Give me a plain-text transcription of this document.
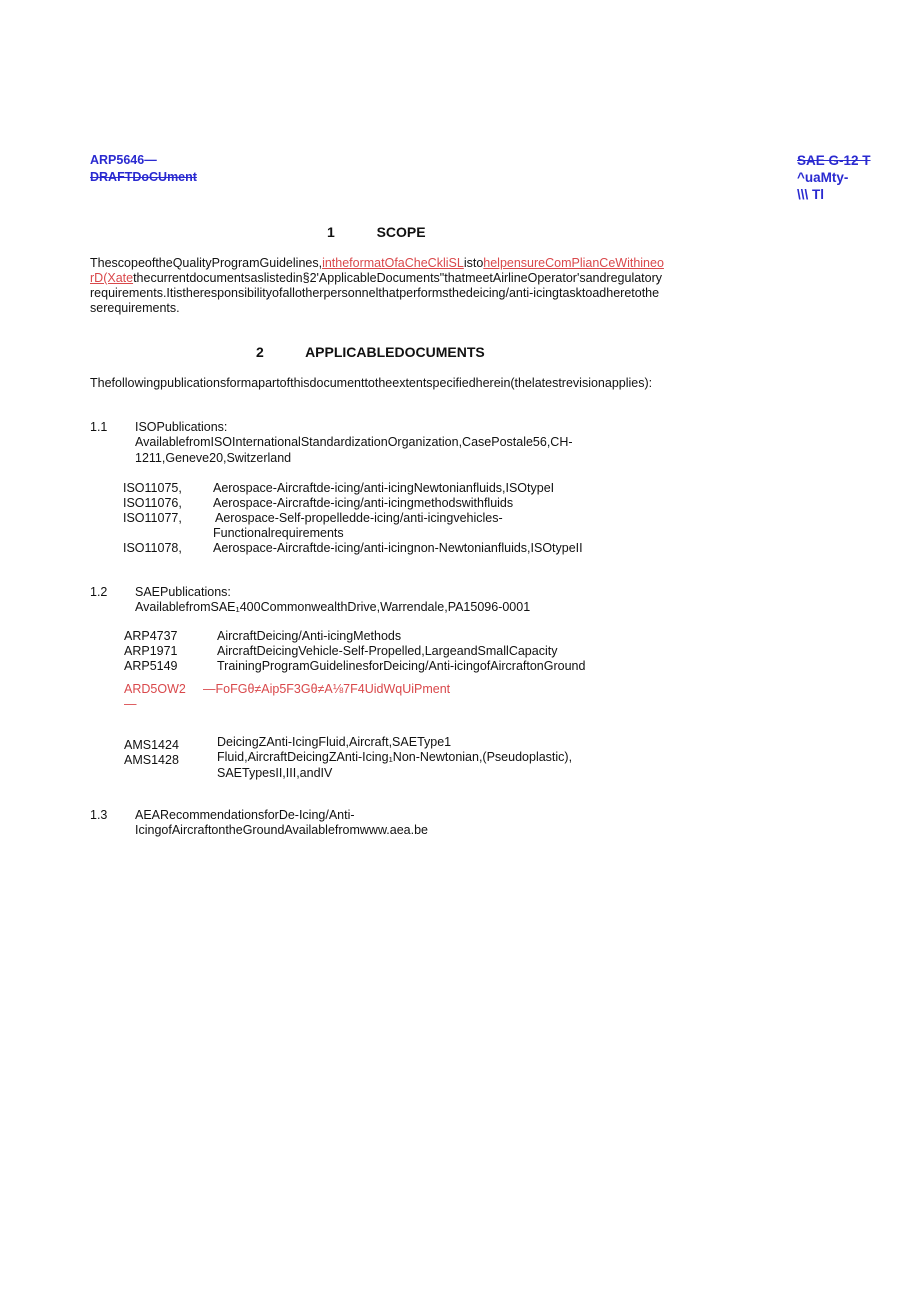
ARP5646—
DRAFTDoCUment
SAE G-12 T
^uaMty-
\\\ Tl
1	SCOPE
ThescopeoftheQualityProgramGuidelines,intheformatOfaCheCkliSListohelpensureComPlianCeWithineorD(Xatethecurrentdocumentsaslistedin§2'ApplicableDocuments"thatmeetAirlineOperator'sandregulatoryrequirements.Itistheresponsibilityofallotherpersonnelthatperformsthedeicing/anti-icingtasktoadheretotheserequirements.
2	APPLICABLEDOCUMENTS
Thefollowingpublicationsformapartofthisdocumenttotheextentspecifiedherein(thelatestrevisionapplies):
1.1 ISOPublications:
AvailablefromISOInternationalStandardizationOrganization,CasePostale56,CH-
1211,Geneve20,Switzerland
ISO11075, Aerospace-Aircraftde-icing/anti-icingNewtonianfluids,ISOtypeI
ISO11076, Aerospace-Aircraftde-icing/anti-icingmethodswithfluids
ISO11077,	Aerospace-Self-propelledde-icing/anti-icingvehicles-
Functionalrequirements
ISO11078, Aerospace-Aircraftde-icing/anti-icingnon-Newtonianfluids,ISOtypeII
1.2 SAEPublications:
AvailablefromSAE₁400CommonwealthDrive,Warrendale,PA15096-0001
ARP4737	AircraftDeicing/Anti-icingMethods
ARP1971	AircraftDeicingVehicle-Self-Propelled,LargeandSmallCapacity
ARP5149	TrainingProgramGuidelinesforDeicing/Anti-icingofAircraftonGround
ARD5OW2 —FoFGθ≠Aip5F3Gθ≠A⅛7F4UidWqUiPment
—
AMS1424	DeicingZAnti-IcingFluid,Aircraft,SAEType1
AMS1428	Fluid,AircraftDeicingZAnti-Icing₁Non-Newtonian,(Pseudoplastic),
SAETypesII,III,andIV
1.3 AEARecommendationsforDe-Icing/Anti-
IcingofAircraftontheGroundAvailablefromwww.aea.be
